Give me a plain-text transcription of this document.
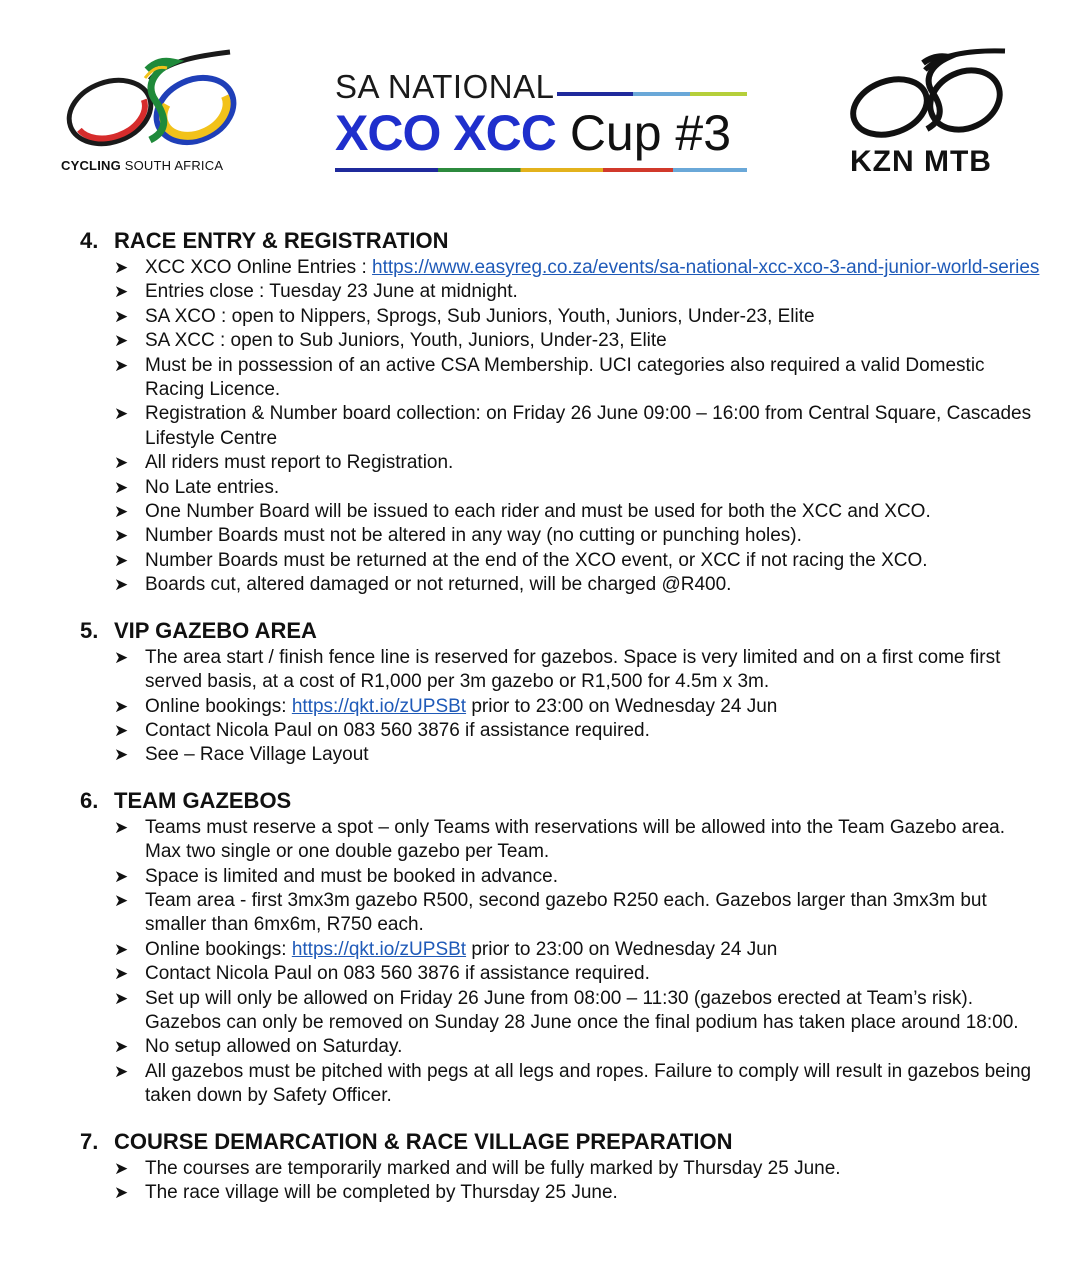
CYCLING SOUTH AFRICA
SA NATIONAL
XCO XCC Cup #3
KZN MTB
4. RACE ENTRY & REGISTRATION
➤ XCC XCO Online Entries : https://www.easyreg.co.za/events/sa-national-xcc-xco-3-and-junior-world-series
➤ Entries close : Tuesday 23 June at midnight.
➤ SA XCO : open to Nippers, Sprogs, Sub Juniors, Youth, Juniors, Under-23, Elite
➤ SA XCC : open to Sub Juniors, Youth, Juniors, Under-23, Elite
➤ Must be in possession of an active CSA Membership. UCI categories also required a valid Domestic Racing Licence.
➤ Registration & Number board collection: on Friday 26 June 09:00 – 16:00 from Central Square, Cascades Lifestyle Centre
➤ All riders must report to Registration.
➤ No Late entries.
➤ One Number Board will be issued to each rider and must be used for both the XCC and XCO.
➤ Number Boards must not be altered in any way (no cutting or punching holes).
➤ Number Boards must be returned at the end of the XCO event, or XCC if not racing the XCO.
➤ Boards cut, altered damaged or not returned, will be charged @R400.
5. VIP GAZEBO AREA
➤ The area start / finish fence line is reserved for gazebos. Space is very limited and on a first come first served basis, at a cost of R1,000 per 3m gazebo or R1,500 for 4.5m x 3m.
➤ Online bookings: https://qkt.io/zUPSBt prior to 23:00 on Wednesday 24 Jun
➤ Contact Nicola Paul on 083 560 3876 if assistance required.
➤ See – Race Village Layout
6. TEAM GAZEBOS
➤ Teams must reserve a spot – only Teams with reservations will be allowed into the Team Gazebo area. Max two single or one double gazebo per Team.
➤ Space is limited and must be booked in advance.
➤ Team area - first 3mx3m gazebo R500, second gazebo R250 each. Gazebos larger than 3mx3m but smaller than 6mx6m, R750 each.
➤ Online bookings: https://qkt.io/zUPSBt prior to 23:00 on Wednesday 24 Jun
➤ Contact Nicola Paul on 083 560 3876 if assistance required.
➤ Set up will only be allowed on Friday 26 June from 08:00 – 11:30 (gazebos erected at Team’s risk). Gazebos can only be removed on Sunday 28 June once the final podium has taken place around 18:00.
➤ No setup allowed on Saturday.
➤ All gazebos must be pitched with pegs at all legs and ropes. Failure to comply will result in gazebos being taken down by Safety Officer.
7. COURSE DEMARCATION & RACE VILLAGE PREPARATION
➤ The courses are temporarily marked and will be fully marked by Thursday 25 June.
➤ The race village will be completed by Thursday 25 June.
